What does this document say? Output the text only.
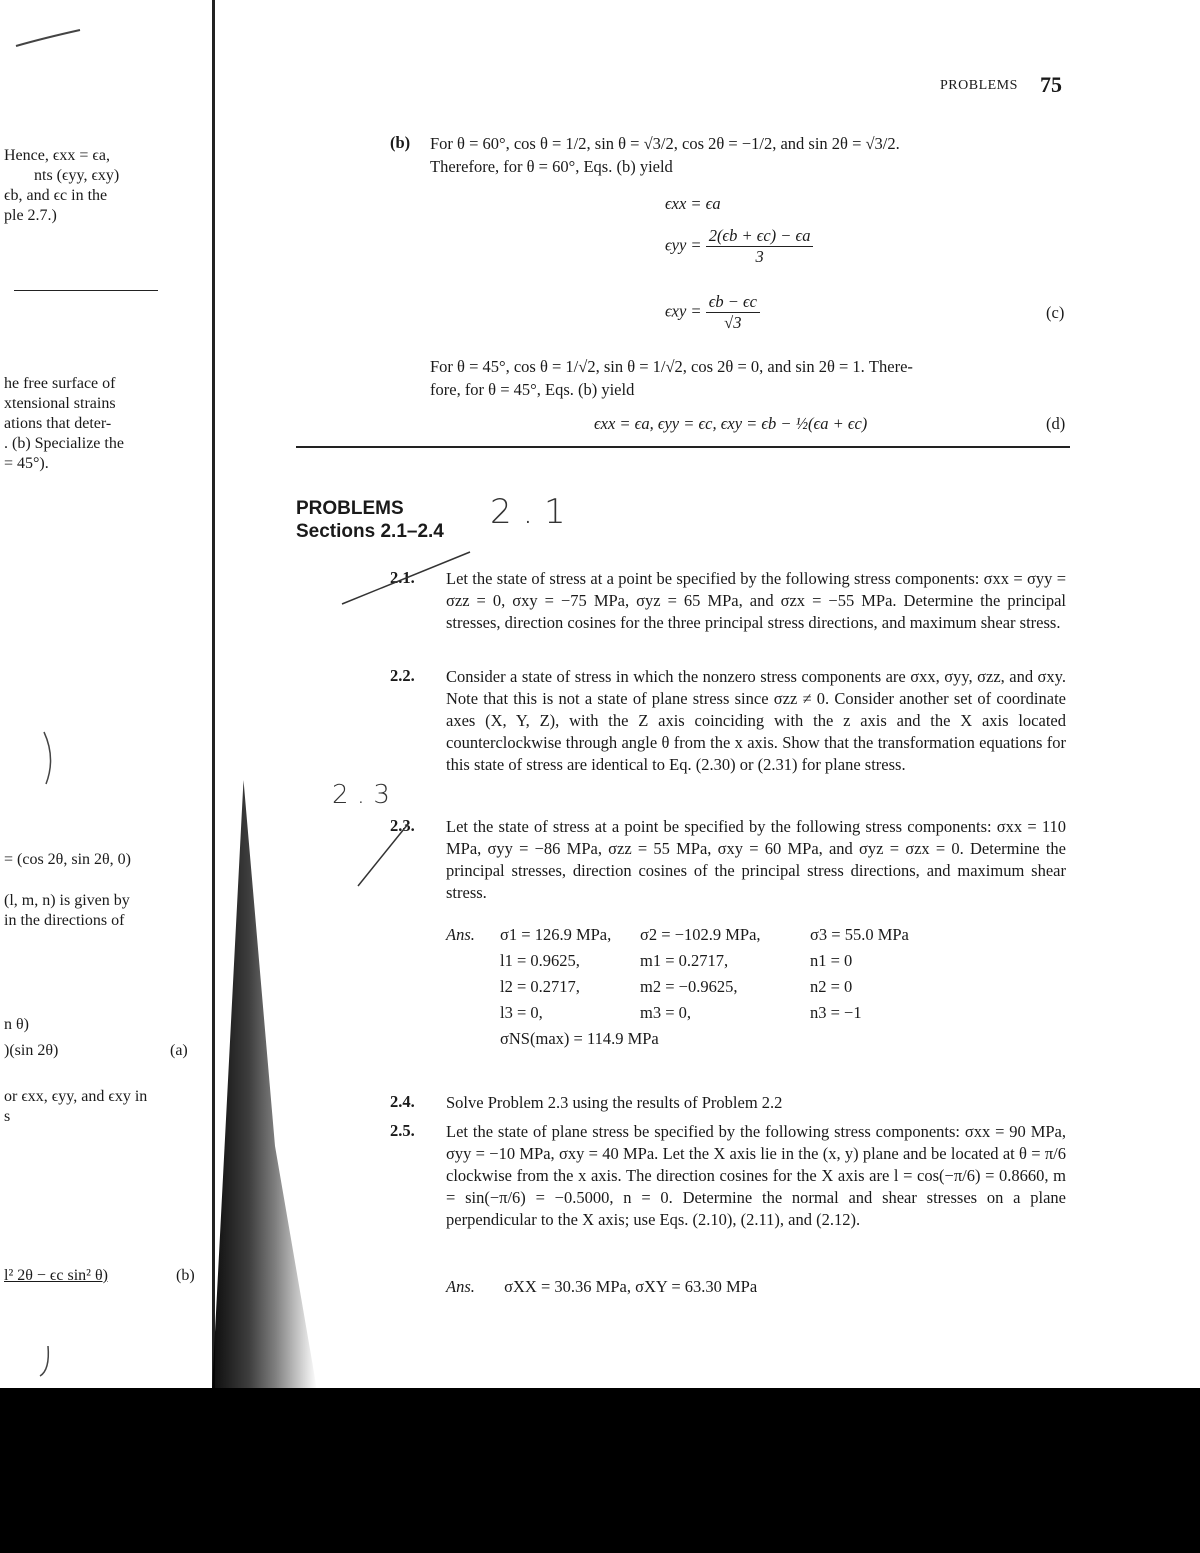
Hence, ϵxx = ϵa,
nts (ϵyy, ϵxy)
ϵb, and ϵc in the
ple 2.7.)
he free surface of
xtensional strains
ations that deter-
. (b) Specialize the
= 45°).
= (cos 2θ, sin 2θ, 0)
(l, m, n) is given by
in the directions of
n θ)
)(sin 2θ)	(a)
or ϵxx, ϵyy, and ϵxy in
s
l² 2θ − ϵc sin² θ)	(b)
PROBLEMS 75
(b) For θ = 60°, cos θ = 1/2, sin θ = √3/2, cos 2θ = −1/2, and sin 2θ = √3/2.
Therefore, for θ = 60°, Eqs. (b) yield
ϵxx = ϵa
$\epsilon yy = \frac{2(\epsilon b + \epsilon c) - \epsilon a}{3}$
$\epsilon xy = \frac{\epsilon b - \epsilon c}{√3}$	(c)
For θ = 45°, cos θ = 1/√2, sin θ = 1/√2, cos 2θ = 0, and sin 2θ = 1. There-
fore, for θ = 45°, Eqs. (b) yield
ϵxx = ϵa, ϵyy = ϵc, ϵxy = ϵb − ½(ϵa + ϵc)	(d)
PROBLEMS
Sections 2.1–2.4 2 . 1
2 . 3
2.1. Let the state of stress at a point be specified by the following stress components: σxx = σyy = σzz = 0, σxy = −75 MPa, σyz = 65 MPa, and σzx = −55 MPa. Determine the principal stresses, direction cosines for the three principal stress directions, and maximum shear stress.
2.2. Consider a state of stress in which the nonzero stress components are σxx, σyy, σzz, and σxy. Note that this is not a state of plane stress since σzz ≠ 0. Consider another set of coordinate axes (X, Y, Z), with the Z axis coinciding with the z axis and the X axis located counterclockwise through angle θ from the x axis. Show that the transformation equations for this state of stress are identical to Eq. (2.30) or (2.31) for plane stress.
2.3. Let the state of stress at a point be specified by the following stress components: σxx = 110 MPa, σyy = −86 MPa, σzz = 55 MPa, σxy = 60 MPa, and σyz = σzx = 0. Determine the principal stresses, direction cosines of the principal stress directions, and maximum shear stress.
Ans.	σ1 = 126.9 MPa,	σ2 = −102.9 MPa,	σ3 = 55.0 MPa
l1 = 0.9625,	m1 = 0.2717,	n1 = 0
l2 = 0.2717,	m2 = −0.9625,	n2 = 0
l3 = 0,	m3 = 0,	n3 = −1
σNS(max) = 114.9 MPa
2.4. Solve Problem 2.3 using the results of Problem 2.2
2.5. Let the state of plane stress be specified by the following stress components: σxx = 90 MPa, σyy = −10 MPa, σxy = 40 MPa. Let the X axis lie in the (x, y) plane and be located at θ = π/6 clockwise from the x axis. The direction cosines for the X axis are l = cos(−π/6) = 0.8660, m = sin(−π/6) = −0.5000, n = 0. Determine the normal and shear stresses on a plane perpendicular to the X axis; use Eqs. (2.10), (2.11), and (2.12).
Ans. σXX = 30.36 MPa, σXY = 63.30 MPa
